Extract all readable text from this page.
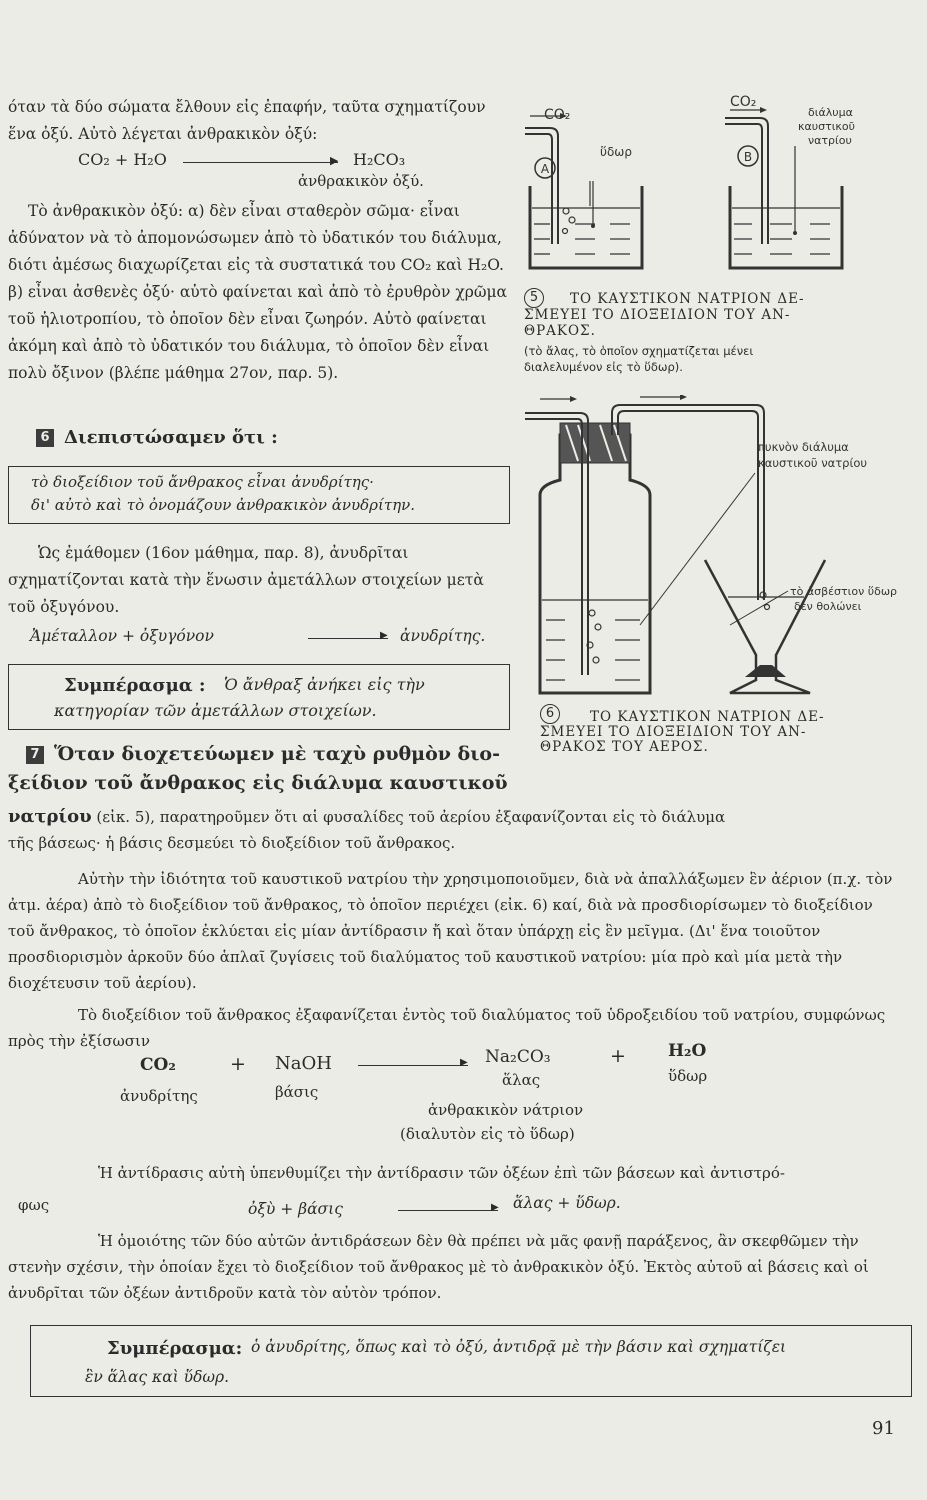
όταν τὰ δύο σώματα ἔλθουν εἰς ἐπαφήν, ταῦτα σχηματίζουν ἕνα ὀξύ. Αὐτὸ λέγεται ἀνθρακικὸν ὀξύ:

CO₂ + H₂O	▶ H₂CO₃
ἀνθρακικὸν ὀξύ.

Τὸ ἀνθρακικὸν ὀξύ: α) δὲν εἶναι σταθερὸν σῶμα· εἶναι ἀδύνατον νὰ τὸ ἀπομονώσωμεν ἀπὸ τὸ ὑδατικόν του διάλυμα, διότι ἀμέσως διαχωρίζεται εἰς τὰ συστατικά του CO₂ καὶ H₂O. β) εἶναι ἀσθενὲς ὀξύ· αὐτὸ φαίνεται καὶ ἀπὸ τὸ ἐρυθρὸν χρῶμα τοῦ ἡλιοτροπίου, τὸ ὁποῖον δὲν εἶναι ζωηρόν. Αὐτὸ φαίνεται ἀκόμη καὶ ἀπὸ τὸ ὑδατικόν του διάλυμα, τὸ ὁποῖον δὲν εἶναι πολὺ ὄξινον (βλέπε μάθημα 27ον, παρ. 5).

6 Διεπιστώσαμεν ὅτι :
τὸ διοξείδιον τοῦ ἄνθρακος εἶναι ἀνυδρίτης·
δι' αὐτὸ καὶ τὸ ὀνομάζουν ἀνθρακικὸν ἀνυδρίτην.

Ὡς ἐμάθομεν (16ον μάθημα, παρ. 8), ἀνυδρῖται σχηματίζονται κατὰ τὴν ἕνωσιν ἀμετάλλων στοιχείων μετὰ τοῦ ὀξυγόνου.

Ἀμέταλλον + ὀξυγόνον	▶ ἀνυδρίτης.
Συμπέρασμα : Ὁ ἄνθραξ ἀνήκει εἰς τὴν
κατηγορίαν τῶν ἀμετάλλων στοιχείων.
A
CO₂
ὕδωρ	B
CO₂
διάλυμα
καυστικοῦ
νατρίου
5	ΤΟ ΚΑΥΣΤΙΚΟΝ ΝΑΤΡΙΟΝ ΔΕ-
ΣΜΕΥΕΙ ΤΟ ΔΙΟΞΕΙΔΙΟΝ ΤΟΥ ΑΝ-
ΘΡΑΚΟΣ.
(τὸ ἄλας, τὸ ὁποῖον σχηματίζεται μένει
διαλελυμένον εἰς τὸ ὕδωρ).
πυκνὸν διάλυμα
καυστικοῦ νατρίου
τὸ ἀσβέστιον ὕδωρ
δὲν θολώνει
6	ΤΟ ΚΑΥΣΤΙΚΟΝ ΝΑΤΡΙΟΝ ΔΕ-
ΣΜΕΥΕΙ ΤΟ ΔΙΟΞΕΙΔΙΟΝ ΤΟΥ ΑΝ-
ΘΡΑΚΟΣ ΤΟΥ ΑΕΡΟΣ.
7 Ὅταν διοχετεύωμεν μὲ ταχὺ ρυθμὸν διο-
ξείδιον τοῦ ἄνθρακος εἰς διάλυμα καυστικοῦ
νατρίου (εἰκ. 5), παρατηροῦμεν ὅτι αἱ φυσαλίδες τοῦ ἀερίου ἐξαφανίζονται εἰς τὸ διάλυμα
τῆς βάσεως· ἡ βάσις δεσμεύει τὸ διοξείδιον τοῦ ἄνθρακος.

Αὐτὴν τὴν ἰδιότητα τοῦ καυστικοῦ νατρίου τὴν χρησιμοποιοῦμεν, διὰ νὰ ἀπαλλάξωμεν ἓν ἀέριον (π.χ. τὸν ἀτμ. ἀέρα) ἀπὸ τὸ διοξείδιον τοῦ ἄνθρακος, τὸ ὁποῖον περιέχει (εἰκ. 6) καί, διὰ νὰ προσδιορίσωμεν τὸ διοξείδιον τοῦ ἄνθρακος, τὸ ὁποῖον ἐκλύεται εἰς μίαν ἀντίδρασιν ἤ καὶ ὅταν ὑπάρχῃ εἰς ἓν μεῖγμα. (Δι' ἕνα τοιοῦτον προσδιορισμὸν ἀρκοῦν δύο ἁπλαῖ ζυγίσεις τοῦ διαλύματος τοῦ καυστικοῦ νατρίου: μία πρὸ καὶ μία μετὰ τὴν διοχέτευσιν τοῦ ἀερίου).

Τὸ διοξείδιον τοῦ ἄνθρακος ἐξαφανίζεται ἐντὸς τοῦ διαλύματος τοῦ ὑδροξειδίου τοῦ νατρίου, συμφώνως πρὸς τὴν ἐξίσωσιν

CO₂	+ NaOH	▶ Na₂CO₃	+ H₂O
ἀνυδρίτης	βάσις
ἅλας	ὕδωρ
ἀνθρακικὸν νάτριον
(διαλυτὸν εἰς τὸ ὕδωρ)

Ἡ ἀντίδρασις αὐτὴ ὑπενθυμίζει τὴν ἀντίδρασιν τῶν ὀξέων ἐπὶ τῶν βάσεων καὶ ἀντιστρό-

φως	ὀξὺ + βάσις	▶ ἅλας + ὕδωρ.

Ἡ ὁμοιότης τῶν δύο αὐτῶν ἀντιδράσεων δὲν θὰ πρέπει νὰ μᾶς φανῇ παράξενος, ἂν σκεφθῶμεν τὴν στενὴν σχέσιν, τὴν ὁποίαν ἔχει τὸ διοξείδιον τοῦ ἄνθρακος μὲ τὸ ἀνθρακικὸν ὀξύ. Ἐκτὸς αὐτοῦ αἱ βάσεις καὶ οἱ ἀνυδρῖται τῶν ὀξέων ἀντιδροῦν κατὰ τὸν αὐτὸν τρόπον.

Συμπέρασμα: ὁ ἀνυδρίτης, ὅπως καὶ τὸ ὀξύ, ἀντιδρᾷ μὲ τὴν βάσιν καὶ σχηματίζει
ἓν ἅλας καὶ ὕδωρ.
91
